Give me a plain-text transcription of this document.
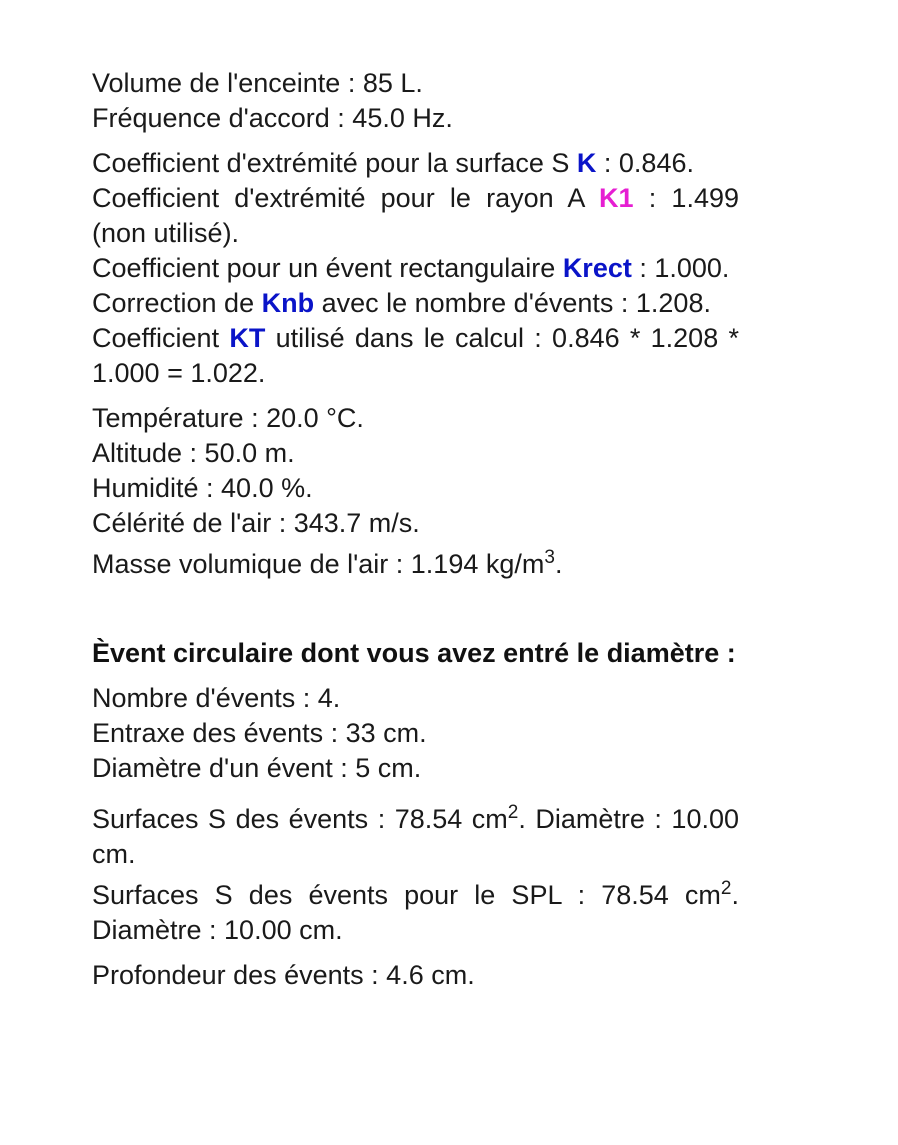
Volume de l'enceinte : 85 L.
Fréquence d'accord : 45.0 Hz.
Coefficient d'extrémité pour la surface S K : 0.846.
Coefficient d'extrémité pour le rayon A K1 : 1.499 (non utilisé).
Coefficient pour un évent rectangulaire Krect : 1.000.
Correction de Knb avec le nombre d'évents : 1.208.
Coefficient KT utilisé dans le calcul : 0.846 * 1.208 * 1.000 = 1.022.
Température : 20.0 °C.
Altitude : 50.0 m.
Humidité : 40.0 %.
Célérité de l'air : 343.7 m/s.
Masse volumique de l'air : 1.194 $kg/m^3$.
Èvent circulaire dont vous avez entré le diamètre :
Nombre d'évents : 4.
Entraxe des évents : 33 cm.
Diamètre d'un évent : 5 cm.
Surfaces S des évents : 78.54 $cm^2$. Diamètre : 10.00 cm.
Surfaces S des évents pour le SPL : 78.54 $cm^2$. Diamètre : 10.00 cm.
Profondeur des évents : 4.6 cm.
